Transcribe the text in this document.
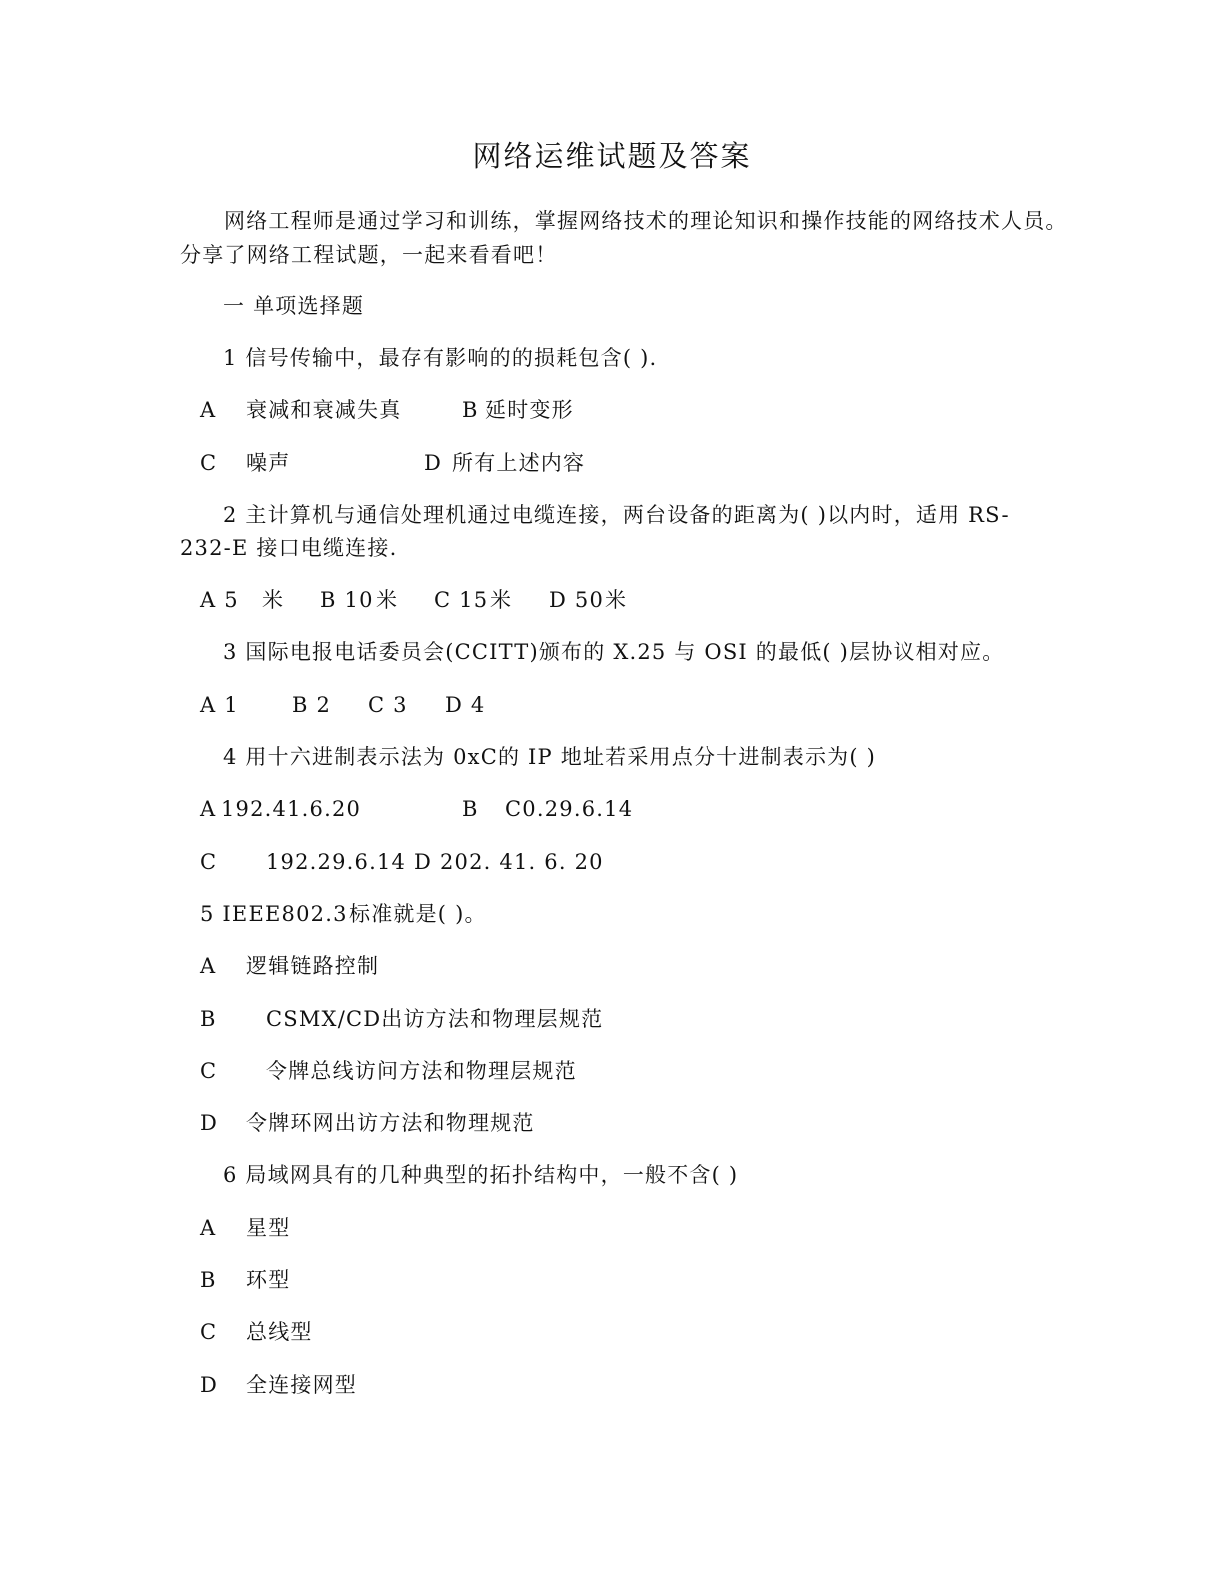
网络运维试题及答案
网络工程师是通过学习和训练，掌握网络技术的理论知识和操作技能的网络技术人员。
分享了网络工程试题，一起来看看吧！
一 单项选择题
1 信号传输中，最存有影响的的损耗包含( ).
A 衰减和衰减失真	B 延时变形
C 噪声	D 所有上述内容
2 主计算机与通信处理机通过电缆连接，两台设备的距离为( )以内时，适用 RS-
232-E 接口电缆连接.
A 5 米 B 10 米 C 15 米 D 50 米
3 国际电报电话委员会(CCITT)颁布的 X.25 与 OSI 的最低( )层协议相对应。
A 1	B 2 C 3 D 4
4 用十六进制表示法为 0xC的 IP 地址若采用点分十进制表示为( )
A 192.41.6.20	B C0.29.6.14
C 192.29.6.14 D 202. 41. 6. 20
5 IEEE802.3 标准就是( )。
A 逻辑链路控制
B CSMX/CD出访方法和物理层规范
C 令牌总线访问方法和物理层规范
D 令牌环网出访方法和物理规范
6 局域网具有的几种典型的拓扑结构中，一般不含( )
A 星型
B 环型
C 总线型
D 全连接网型
